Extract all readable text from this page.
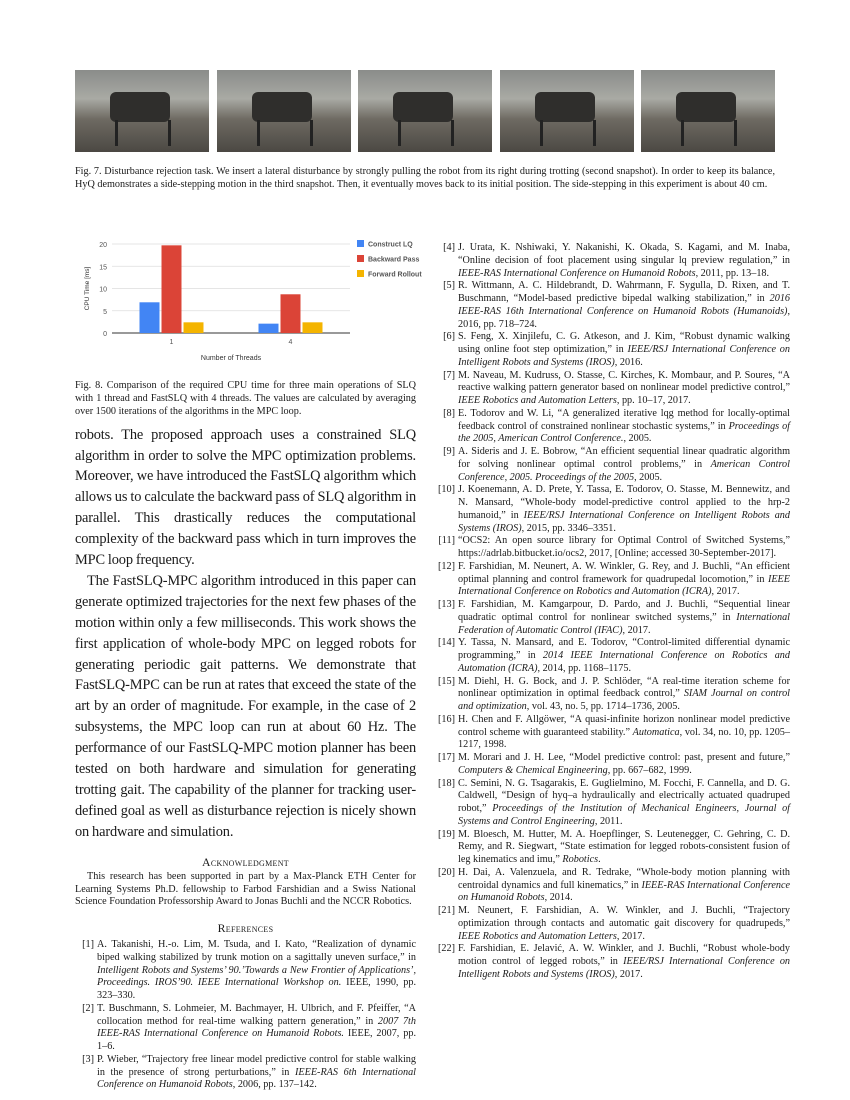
Fig. 7. Disturbance rejection task. We insert a lateral disturbance by strongly pulling the robot from its right during trotting (second snapshot). In order to keep its balance, HyQ demonstrates a side-stepping motion in the third snapshot. Then, it eventually moves back to its initial position. The side-stepping in this experiment is about 40 cm.
0
5
10
15
20
1	4
Number of Threads
CPU Time [ms]
Construct LQ
Backward Pass
Forward Rollout
Fig. 8. Comparison of the required CPU time for three main operations of SLQ with 1 thread and FastSLQ with 4 threads. The values are calculated by averaging over 1500 iterations of the algorithms in the MPC loop.

robots. The proposed approach uses a constrained SLQ algorithm in order to solve the MPC optimization problems. Moreover, we have introduced the FastSLQ algorithm which allows us to calculate the backward pass of SLQ algorithm in parallel. This drastically reduces the computational complexity of the backward pass which in turn improves the MPC loop frequency.

The FastSLQ-MPC algorithm introduced in this paper can generate optimized trajectories for the next few phases of the motion within only a few milliseconds. This work shows the first application of whole-body MPC on legged robots for generating periodic gait patterns. We demonstrate that FastSLQ-MPC can be run at rates that exceed the state of the art by an order of magnitude. For example, in the case of 2 subsystems, the MPC loop can run at about 60 Hz. The performance of our FastSLQ-MPC motion planner has been tested on both hardware and simulation for generating trotting gait. The capability of the planner for tracking user-defined goal as well as disturbance rejection is nicely shown on hardware and simulation.

Acknowledgment
This research has been supported in part by a Max-Planck ETH Center for Learning Systems Ph.D. fellowship to Farbod Farshidian and a Swiss National Science Foundation Professorship Award to Jonas Buchli and the NCCR Robotics.
References
[1] A. Takanishi, H.-o. Lim, M. Tsuda, and I. Kato, “Realization of dynamic biped walking stabilized by trunk motion on a sagittally uneven surface,” in Intelligent Robots and Systems’ 90.’Towards a New Frontier of Applications’, Proceedings. IROS’90. IEEE International Workshop on. IEEE, 1990, pp. 323–330.
[2] T. Buschmann, S. Lohmeier, M. Bachmayer, H. Ulbrich, and F. Pfeiffer, “A collocation method for real-time walking pattern generation,” in 2007 7th IEEE-RAS International Conference on Humanoid Robots. IEEE, 2007, pp. 1–6.
[3] P. Wieber, “Trajectory free linear model predictive control for stable walking in the presence of strong perturbations,” in IEEE-RAS 6th International Conference on Humanoid Robots, 2006, pp. 137–142.
[4] J. Urata, K. Nshiwaki, Y. Nakanishi, K. Okada, S. Kagami, and M. Inaba, “Online decision of foot placement using singular lq preview regulation,” in IEEE-RAS International Conference on Humanoid Robots, 2011, pp. 13–18.
[5] R. Wittmann, A. C. Hildebrandt, D. Wahrmann, F. Sygulla, D. Rixen, and T. Buschmann, “Model-based predictive bipedal walking stabilization,” in 2016 IEEE-RAS 16th International Conference on Humanoid Robots (Humanoids), 2016, pp. 718–724.
[6] S. Feng, X. Xinjilefu, C. G. Atkeson, and J. Kim, “Robust dynamic walking using online foot step optimization,” in IEEE/RSJ International Conference on Intelligent Robots and Systems (IROS), 2016.
[7] M. Naveau, M. Kudruss, O. Stasse, C. Kirches, K. Mombaur, and P. Soures, “A reactive walking pattern generator based on nonlinear model predictive control,” IEEE Robotics and Automation Letters, pp. 10–17, 2017.
[8] E. Todorov and W. Li, “A generalized iterative lqg method for locally-optimal feedback control of constrained nonlinear stochastic systems,” in Proceedings of the 2005, American Control Conference., 2005.
[9] A. Sideris and J. E. Bobrow, “An efficient sequential linear quadratic algorithm for solving nonlinear optimal control problems,” in American Control Conference, 2005. Proceedings of the 2005, 2005.
[10] J. Koenemann, A. D. Prete, Y. Tassa, E. Todorov, O. Stasse, M. Bennewitz, and N. Mansard, “Whole-body model-predictive control applied to the hrp-2 humanoid,” in IEEE/RSJ International Conference on Intelligent Robots and Systems (IROS), 2015, pp. 3346–3351.
[11] “OCS2: An open source library for Optimal Control of Switched Systems,” https://adrlab.bitbucket.io/ocs2, 2017, [Online; accessed 30-September-2017].
[12] F. Farshidian, M. Neunert, A. W. Winkler, G. Rey, and J. Buchli, “An efficient optimal planning and control framework for quadrupedal locomotion,” in IEEE International Conference on Robotics and Automation (ICRA), 2017.
[13] F. Farshidian, M. Kamgarpour, D. Pardo, and J. Buchli, “Sequential linear quadratic optimal control for nonlinear switched systems,” in International Federation of Automatic Control (IFAC), 2017.
[14] Y. Tassa, N. Mansard, and E. Todorov, “Control-limited differential dynamic programming,” in 2014 IEEE International Conference on Robotics and Automation (ICRA), 2014, pp. 1168–1175.
[15] M. Diehl, H. G. Bock, and J. P. Schlöder, “A real-time iteration scheme for nonlinear optimization in optimal feedback control,” SIAM Journal on control and optimization, vol. 43, no. 5, pp. 1714–1736, 2005.
[16] H. Chen and F. Allgöwer, “A quasi-infinite horizon nonlinear model predictive control scheme with guaranteed stability.” Automatica, vol. 34, no. 10, pp. 1205–1217, 1998.
[17] M. Morari and J. H. Lee, “Model predictive control: past, present and future,” Computers & Chemical Engineering, pp. 667–682, 1999.
[18] C. Semini, N. G. Tsagarakis, E. Guglielmino, M. Focchi, F. Cannella, and D. G. Caldwell, “Design of hyq–a hydraulically and electrically actuated quadruped robot,” Proceedings of the Institution of Mechanical Engineers, Journal of Systems and Control Engineering, 2011.
[19] M. Bloesch, M. Hutter, M. A. Hoepflinger, S. Leutenegger, C. Gehring, C. D. Remy, and R. Siegwart, “State estimation for legged robots-consistent fusion of leg kinematics and imu,” Robotics.
[20] H. Dai, A. Valenzuela, and R. Tedrake, “Whole-body motion planning with centroidal dynamics and full kinematics,” in IEEE-RAS International Conference on Humanoid Robots, 2014.
[21] M. Neunert, F. Farshidian, A. W. Winkler, and J. Buchli, “Trajectory optimization through contacts and automatic gait discovery for quadrupeds,” IEEE Robotics and Automation Letters, 2017.
[22] F. Farshidian, E. Jelavić, A. W. Winkler, and J. Buchli, “Robust whole-body motion control of legged robots,” in IEEE/RSJ International Conference on Intelligent Robots and Systems (IROS), 2017.
